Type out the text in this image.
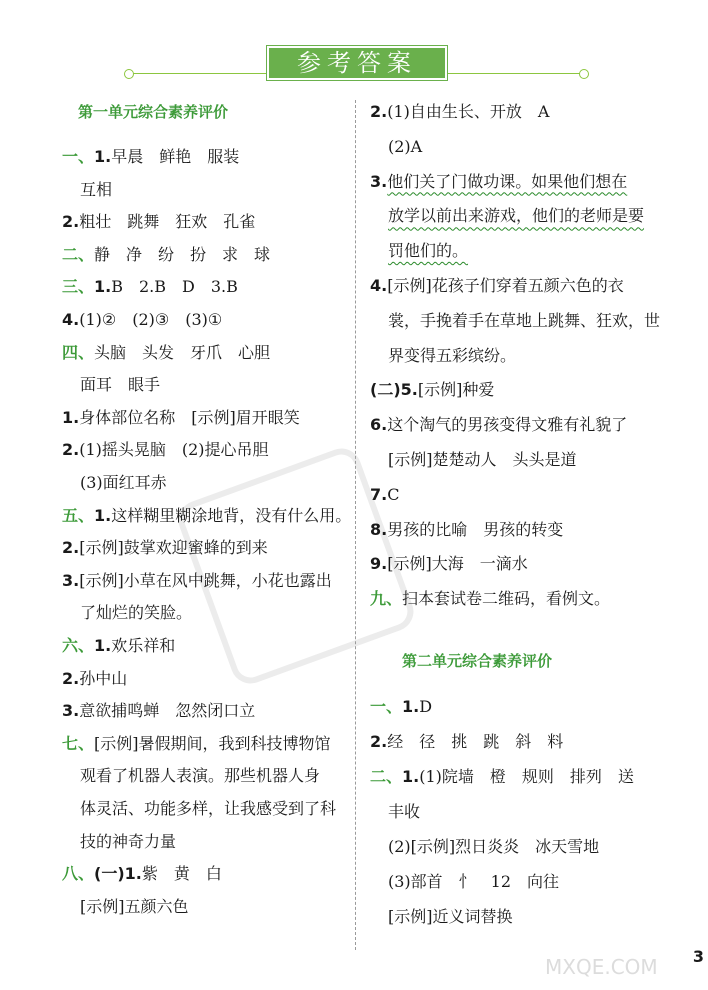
参考答案
第一单元综合素养评价
一、1.早晨　鲜艳　服装
互相
2.粗壮　跳舞　狂欢　孔雀
二、静　净　纷　扮　求　球
三、1.B　2.B　D　3.B
4.(1)②　(2)③　(3)①
四、头脑　头发　牙爪　心胆
面耳　眼手
1.身体部位名称　[示例]眉开眼笑
2.(1)摇头晃脑　(2)提心吊胆
(3)面红耳赤
五、1.这样糊里糊涂地背，没有什么用。
2.[示例]鼓掌欢迎蜜蜂的到来
3.[示例]小草在风中跳舞，小花也露出
了灿烂的笑脸。
六、1.欢乐祥和
2.孙中山
3.意欲捕鸣蝉　忽然闭口立
七、[示例]暑假期间，我到科技博物馆
观看了机器人表演。那些机器人身
体灵活、功能多样，让我感受到了科
技的神奇力量
八、(一)1.紫　黄　白
[示例]五颜六色
第二单元综合素养评价
2.(1)自由生长、开放　A
(2)A
3.他们关了门做功课。如果他们想在
放学以前出来游戏，他们的老师是要
罚他们的。
4.[示例]花孩子们穿着五颜六色的衣
裳，手挽着手在草地上跳舞、狂欢，世
界变得五彩缤纷。
(二)5.[示例]种爱
6.这个淘气的男孩变得文雅有礼貌了
[示例]楚楚动人　头头是道
7.C
8.男孩的比喻　男孩的转变
9.[示例]大海　一滴水
九、扫本套试卷二维码，看例文。
一、1.D
2.经　径　挑　跳　斜　料
二、1.(1)院墙　橙　规则　排列　送
丰收
(2)[示例]烈日炎炎　冰天雪地
(3)部首　忄　12　向往
[示例]近义词替换
MXQE.COM 3
